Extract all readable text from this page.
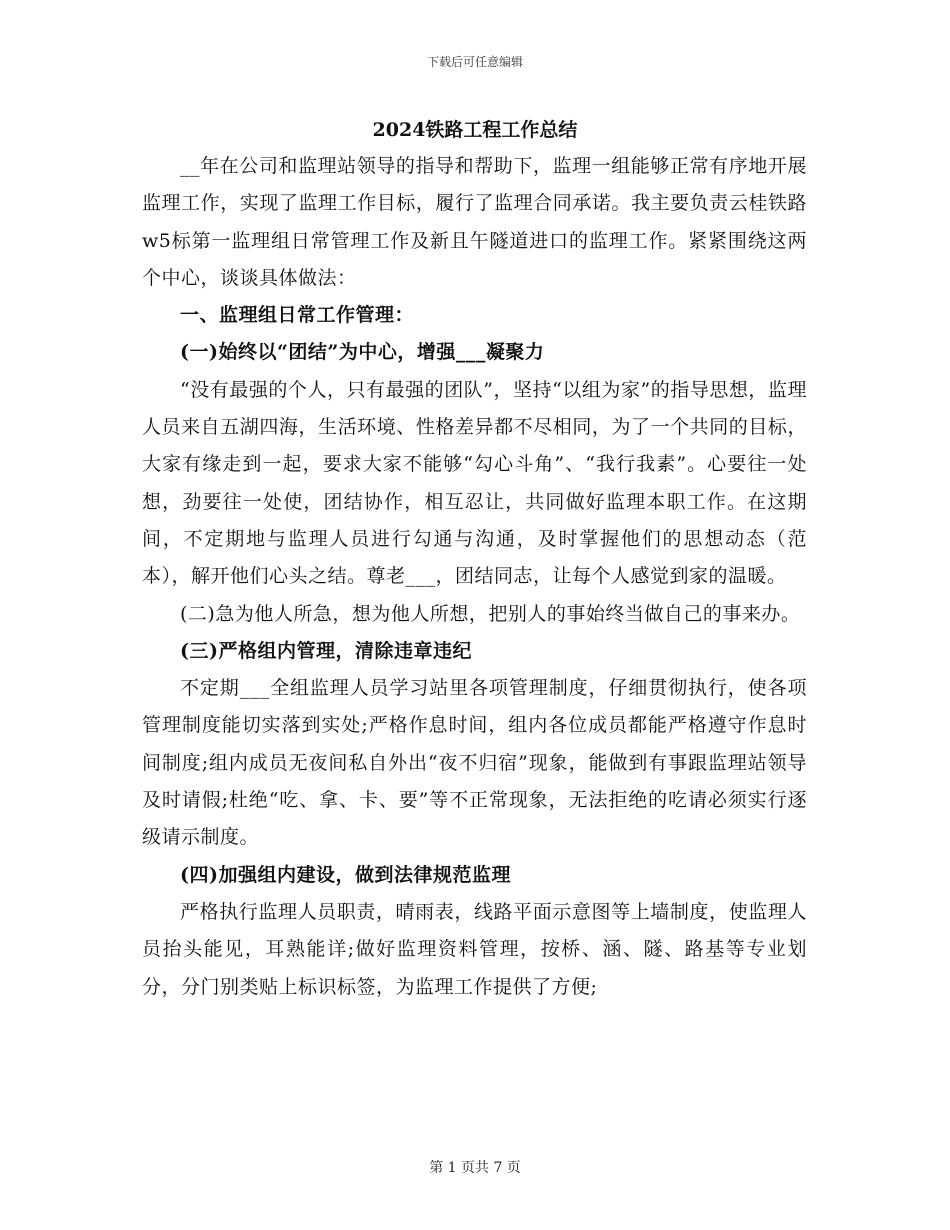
下载后可任意编辑
2024铁路工程工作总结

__年在公司和监理站领导的指导和帮助下，监理一组能够正常有序地开展监理工作，实现了监理工作目标，履行了监理合同承诺。我主要负责云桂铁路w5标第一监理组日常管理工作及新且午隧道进口的监理工作。紧紧围绕这两个中心，谈谈具体做法：

一、监理组日常工作管理：

(一)始终以“团结”为中心，增强___凝聚力

“没有最强的个人，只有最强的团队”，坚持“以组为家”的指导思想，监理人员来自五湖四海，生活环境、性格差异都不尽相同，为了一个共同的目标，大家有缘走到一起，要求大家不能够“勾心斗角”、“我行我素”。心要往一处想，劲要往一处使，团结协作，相互忍让，共同做好监理本职工作。在这期间，不定期地与监理人员进行勾通与沟通，及时掌握他们的思想动态（范本），解开他们心头之结。尊老___，团结同志，让每个人感觉到家的温暖。

(二)急为他人所急，想为他人所想，把别人的事始终当做自己的事来办。

(三)严格组内管理，清除违章违纪

不定期___全组监理人员学习站里各项管理制度，仔细贯彻执行，使各项管理制度能切实落到实处;严格作息时间，组内各位成员都能严格遵守作息时间制度;组内成员无夜间私自外出“夜不归宿”现象，能做到有事跟监理站领导及时请假;杜绝“吃、拿、卡、要”等不正常现象，无法拒绝的吃请必须实行逐级请示制度。

(四)加强组内建设，做到法律规范监理

严格执行监理人员职责，晴雨表，线路平面示意图等上墙制度，使监理人员抬头能见，耳熟能详;做好监理资料管理，按桥、涵、隧、路基等专业划分，分门别类贴上标识标签，为监理工作提供了方便;

第 1 页共 7 页
